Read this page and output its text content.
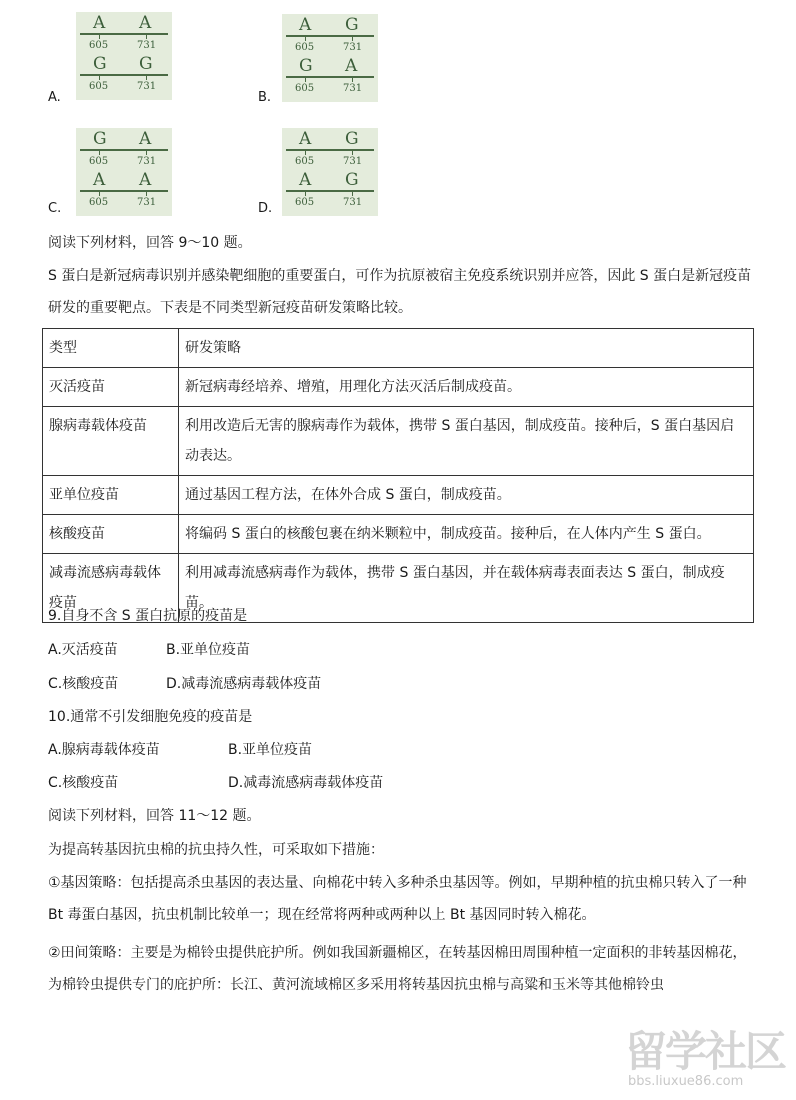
A A
605	731
G G
605	731
A.
A G
605	731
G A
605	731
B.
G A
605	731
A A
605	731
C.
A G
605	731
A G
605	731
D.
阅读下列材料，回答 9～10 题。
S 蛋白是新冠病毒识别并感染靶细胞的重要蛋白，可作为抗原被宿主免疫系统识别并应答，因此 S 蛋白是新冠疫苗研发的重要靶点。下表是不同类型新冠疫苗研发策略比较。
类型	研发策略
灭活疫苗	新冠病毒经培养、增殖，用理化方法灭活后制成疫苗。
腺病毒载体疫苗	利用改造后无害的腺病毒作为载体，携带 S 蛋白基因，制成疫苗。接种后，S 蛋白基因启动表达。
亚单位疫苗	通过基因工程方法，在体外合成 S 蛋白，制成疫苗。
核酸疫苗	将编码 S 蛋白的核酸包裹在纳米颗粒中，制成疫苗。接种后，在人体内产生 S 蛋白。
减毒流感病毒载体疫苗	利用减毒流感病毒作为载体，携带 S 蛋白基因，并在载体病毒表面表达 S 蛋白，制成疫苗。
9.自身不含 S 蛋白抗原的疫苗是
A.灭活疫苗	B.亚单位疫苗
C.核酸疫苗	D.减毒流感病毒载体疫苗
10.通常不引发细胞免疫的疫苗是
A.腺病毒载体疫苗	B.亚单位疫苗
C.核酸疫苗	D.减毒流感病毒载体疫苗
阅读下列材料，回答 11～12 题。
为提高转基因抗虫棉的抗虫持久性，可采取如下措施：
①基因策略：包括提高杀虫基因的表达量、向棉花中转入多种杀虫基因等。例如，早期种植的抗虫棉只转入了一种 Bt 毒蛋白基因，抗虫机制比较单一；现在经常将两种或两种以上 Bt 基因同时转入棉花。
②田间策略：主要是为棉铃虫提供庇护所。例如我国新疆棉区，在转基因棉田周围种植一定面积的非转基因棉花，为棉铃虫提供专门的庇护所：长江、黄河流域棉区多采用将转基因抗虫棉与高粱和玉米等其他棉铃虫
留学社区
bbs.liuxue86.com
